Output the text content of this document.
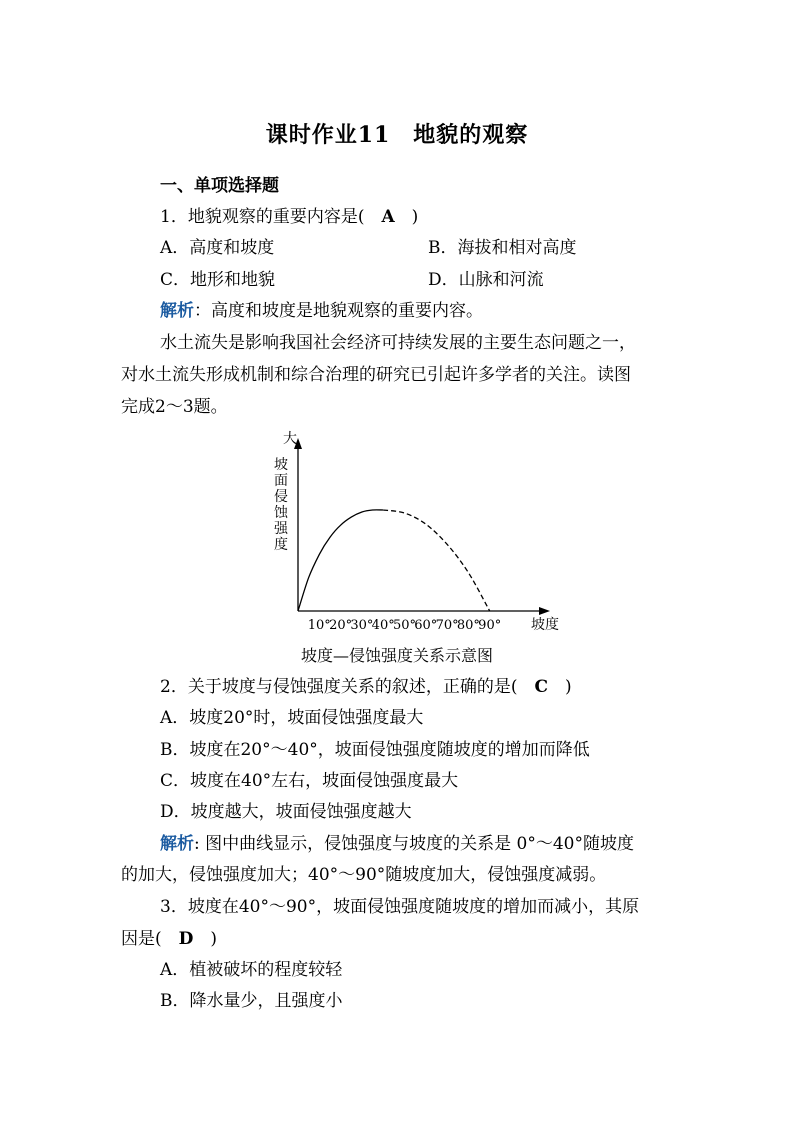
课时作业11　地貌的观察
一、单项选择题
1．地貌观察的重要内容是(　A　)
A．高度和坡度	B．海拔和相对高度
C．地形和地貌	D．山脉和河流
解析：高度和坡度是地貌观察的重要内容。
水土流失是影响我国社会经济可持续发展的主要生态问题之一，
对水土流失形成机制和综合治理的研究已引起许多学者的关注。读图
完成2～3题。
大
坡面侵蚀强度
10°
20°
30°
40°
50°
60°
70°
80°
90° 坡度
坡度—侵蚀强度关系示意图
2．关于坡度与侵蚀强度关系的叙述，正确的是(　C　)
A．坡度20°时，坡面侵蚀强度最大
B．坡度在20°～40°，坡面侵蚀强度随坡度的增加而降低
C．坡度在40°左右，坡面侵蚀强度最大
D．坡度越大，坡面侵蚀强度越大
解析: 图中曲线显示，侵蚀强度与坡度的关系是 0°～40°随坡度
的加大，侵蚀强度加大；40°～90°随坡度加大，侵蚀强度减弱。
3．坡度在40°～90°，坡面侵蚀强度随坡度的增加而减小，其原
因是(　D　)
A．植被破坏的程度较轻
B．降水量少，且强度小
